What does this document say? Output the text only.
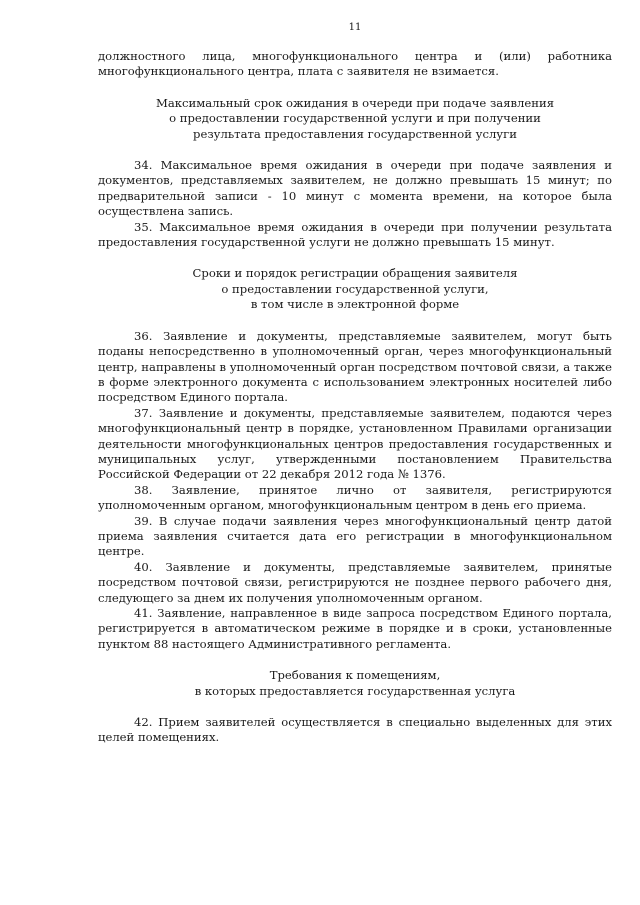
11

должностного лица, многофункционального центра и (или) работника многофункционального центра, плата с заявителя не взимается.

Максимальный срок ожидания в очереди при подаче заявления
о предоставлении государственной услуги и при получении
результата предоставления государственной услуги

34. Максимальное время ожидания в очереди при подаче заявления и документов, представляемых заявителем, не должно превышать 15 минут; по предварительной записи - 10 минут с момента времени, на которое была осуществлена запись.

35. Максимальное время ожидания в очереди при получении результата предоставления государственной услуги не должно превышать 15 минут.

Сроки и порядок регистрации обращения заявителя
о предоставлении государственной услуги,
в том числе в электронной форме

36. Заявление и документы, представляемые заявителем, могут быть поданы непосредственно в уполномоченный орган, через многофункциональный центр, направлены в уполномоченный орган посредством почтовой связи, а также в форме электронного документа с использованием электронных носителей либо посредством Единого портала.

37. Заявление и документы, представляемые заявителем, подаются через многофункциональный центр в порядке, установленном Правилами организации деятельности многофункциональных центров предоставления государственных и муниципальных услуг, утвержденными постановлением Правительства Российской Федерации от 22 декабря 2012 года № 1376.

38. Заявление, принятое лично от заявителя, регистрируются уполномоченным органом, многофункциональным центром в день его приема.

39. В случае подачи заявления через многофункциональный центр датой приема заявления считается дата его регистрации в многофункциональном центре.

40. Заявление и документы, представляемые заявителем, принятые посредством почтовой связи, регистрируются не позднее первого рабочего дня, следующего за днем их получения уполномоченным органом.

41. Заявление, направленное в виде запроса посредством Единого портала, регистрируется в автоматическом режиме в порядке и в сроки, установленные пунктом 88 настоящего Административного регламента.

Требования к помещениям,
в которых предоставляется государственная услуга

42. Прием заявителей осуществляется в специально выделенных для этих целей помещениях.
